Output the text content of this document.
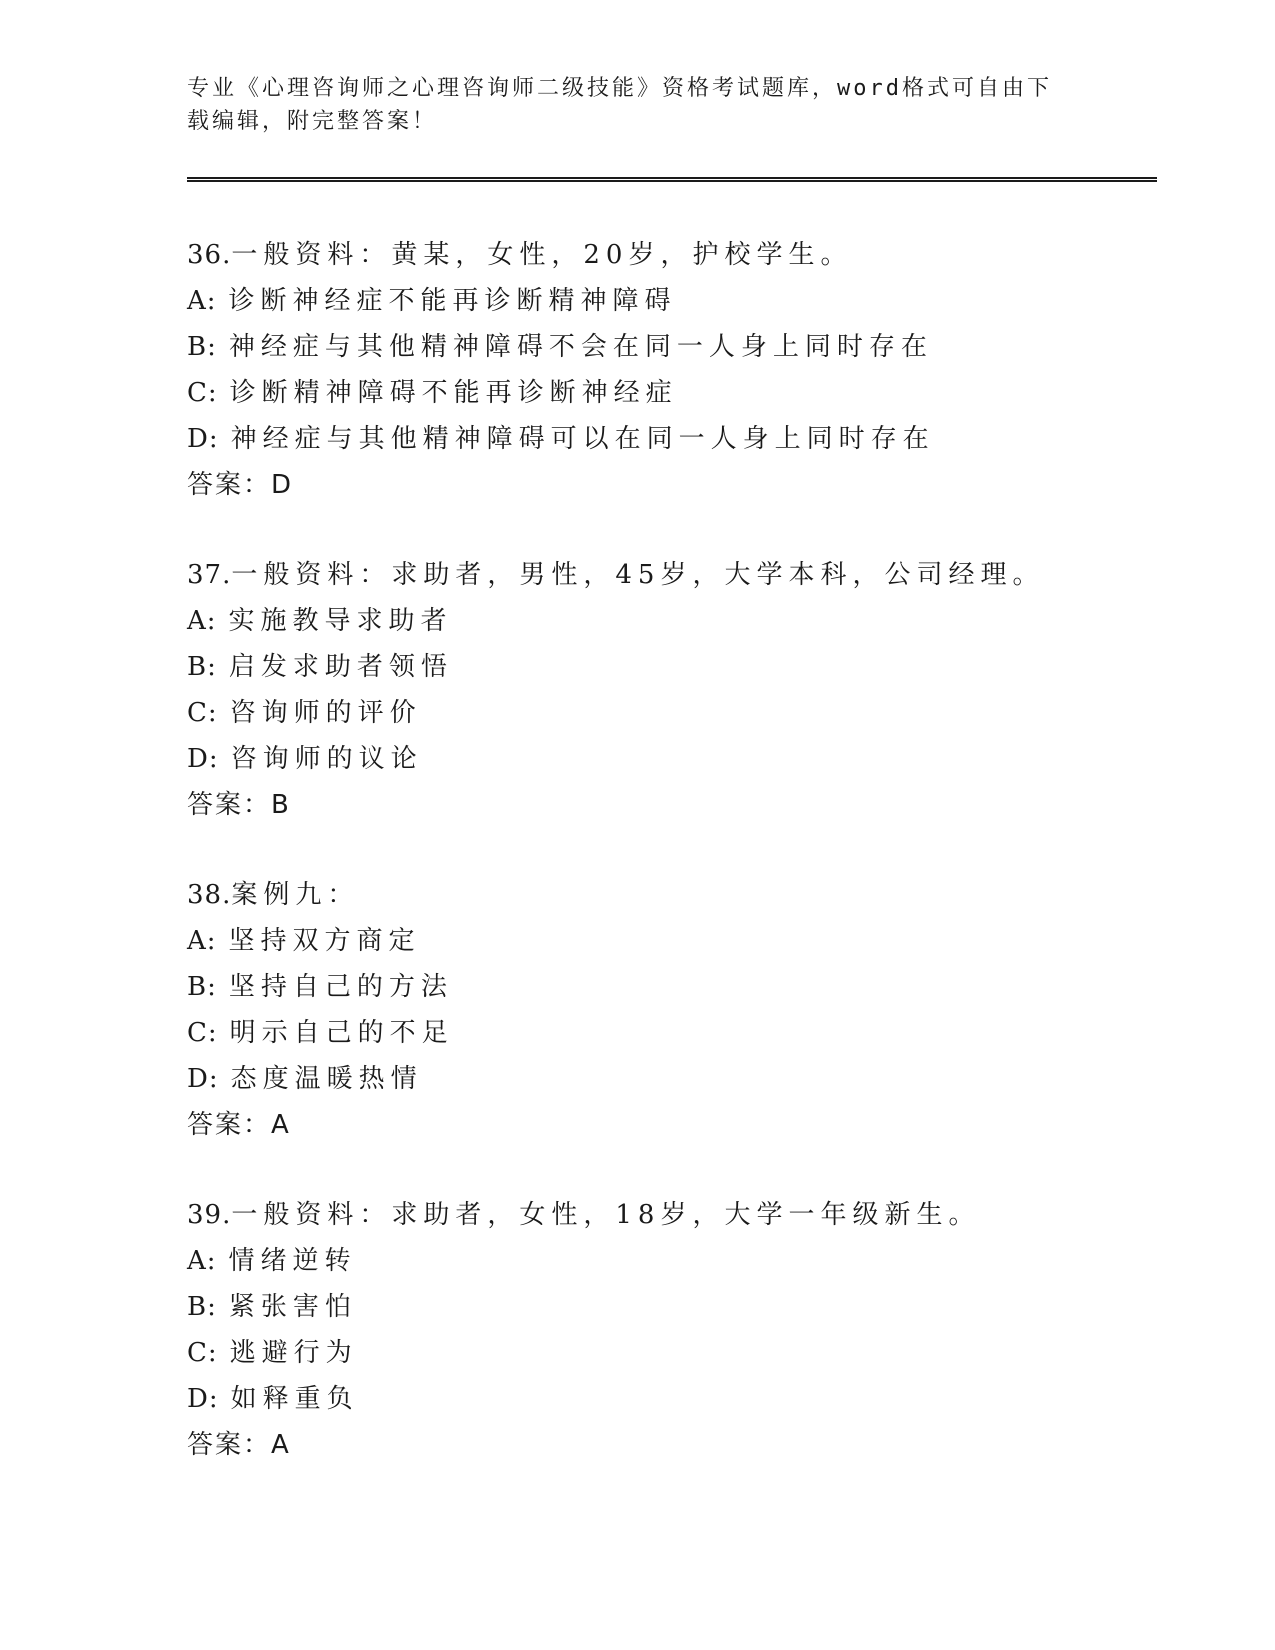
专业《心理咨询师之心理咨询师二级技能》资格考试题库，word格式可自由下载编辑，附完整答案！
36.一般资料：黄某，女性，20岁，护校学生。
A: 诊断神经症不能再诊断精神障碍
B: 神经症与其他精神障碍不会在同一人身上同时存在
C: 诊断精神障碍不能再诊断神经症
D: 神经症与其他精神障碍可以在同一人身上同时存在
答案：D
37.一般资料：求助者，男性，45岁，大学本科，公司经理。
A: 实施教导求助者
B: 启发求助者领悟
C: 咨询师的评价
D: 咨询师的议论
答案：B
38.案例九：
A: 坚持双方商定
B: 坚持自己的方法
C: 明示自己的不足
D: 态度温暖热情
答案：A
39.一般资料：求助者，女性，18岁，大学一年级新生。
A: 情绪逆转
B: 紧张害怕
C: 逃避行为
D: 如释重负
答案：A
